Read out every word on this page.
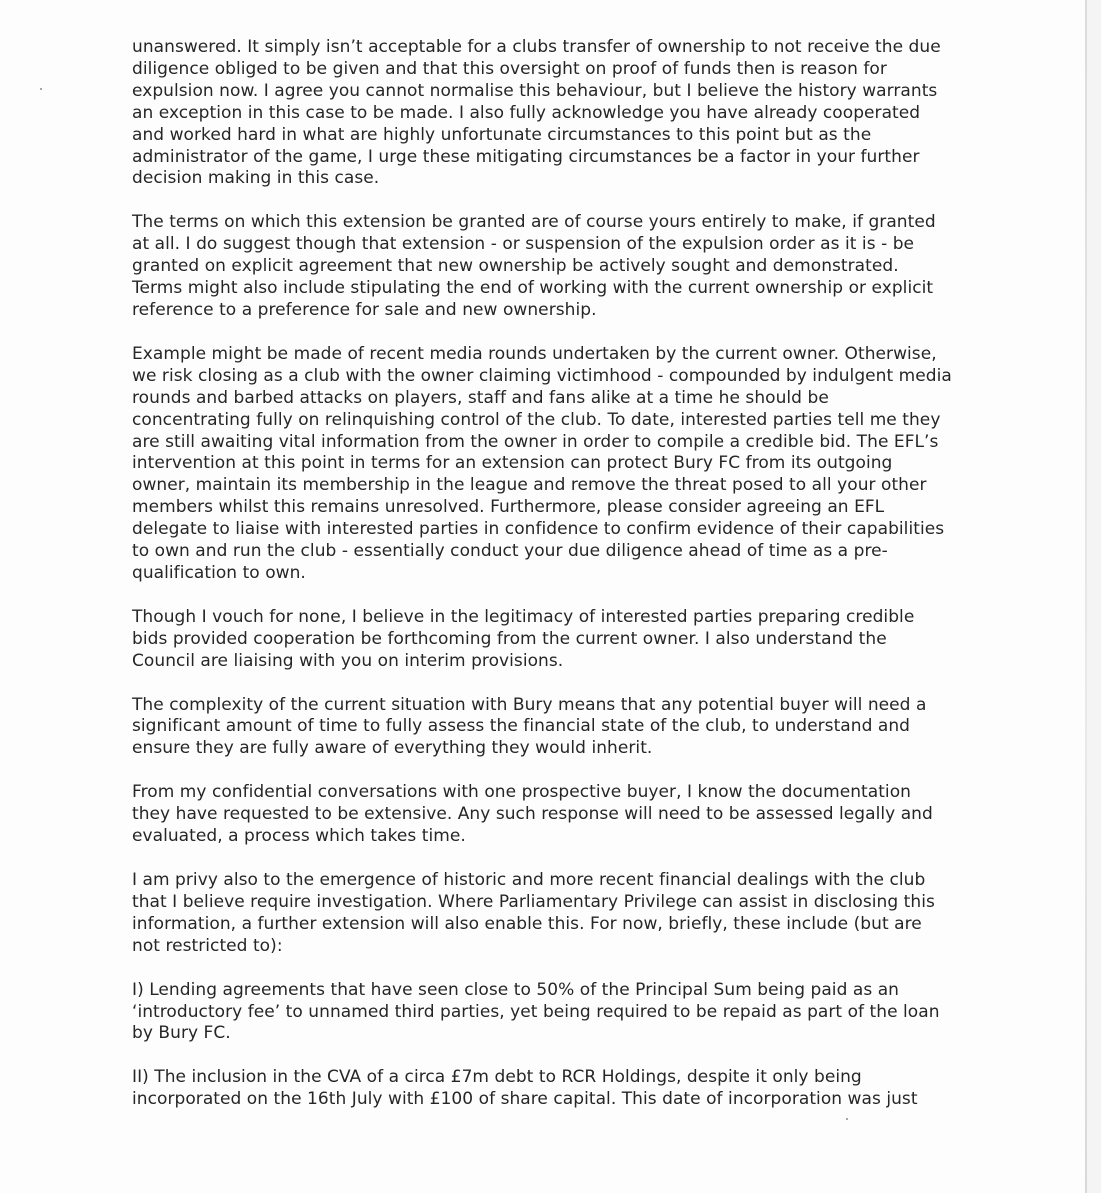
unanswered. It simply isn’t acceptable for a clubs transfer of ownership to not receive the due
diligence obliged to be given and that this oversight on proof of funds then is reason for
expulsion now. I agree you cannot normalise this behaviour, but I believe the history warrants
an exception in this case to be made. I also fully acknowledge you have already cooperated
and worked hard in what are highly unfortunate circumstances to this point but as the
administrator of the game, I urge these mitigating circumstances be a factor in your further
decision making in this case.

The terms on which this extension be granted are of course yours entirely to make, if granted
at all. I do suggest though that extension - or suspension of the expulsion order as it is - be
granted on explicit agreement that new ownership be actively sought and demonstrated.
Terms might also include stipulating the end of working with the current ownership or explicit
reference to a preference for sale and new ownership.

Example might be made of recent media rounds undertaken by the current owner. Otherwise,
we risk closing as a club with the owner claiming victimhood - compounded by indulgent media
rounds and barbed attacks on players, staff and fans alike at a time he should be
concentrating fully on relinquishing control of the club. To date, interested parties tell me they
are still awaiting vital information from the owner in order to compile a credible bid. The EFL’s
intervention at this point in terms for an extension can protect Bury FC from its outgoing
owner, maintain its membership in the league and remove the threat posed to all your other
members whilst this remains unresolved. Furthermore, please consider agreeing an EFL
delegate to liaise with interested parties in confidence to confirm evidence of their capabilities
to own and run the club - essentially conduct your due diligence ahead of time as a pre-
qualification to own.

Though I vouch for none, I believe in the legitimacy of interested parties preparing credible
bids provided cooperation be forthcoming from the current owner. I also understand the
Council are liaising with you on interim provisions.

The complexity of the current situation with Bury means that any potential buyer will need a
significant amount of time to fully assess the financial state of the club, to understand and
ensure they are fully aware of everything they would inherit.

From my confidential conversations with one prospective buyer, I know the documentation
they have requested to be extensive. Any such response will need to be assessed legally and
evaluated, a process which takes time.

I am privy also to the emergence of historic and more recent financial dealings with the club
that I believe require investigation. Where Parliamentary Privilege can assist in disclosing this
information, a further extension will also enable this. For now, briefly, these include (but are
not restricted to):

I) Lending agreements that have seen close to 50% of the Principal Sum being paid as an
‘introductory fee’ to unnamed third parties, yet being required to be repaid as part of the loan
by Bury FC.

II) The inclusion in the CVA of a circa £7m debt to RCR Holdings, despite it only being
incorporated on the 16th July with £100 of share capital. This date of incorporation was just
